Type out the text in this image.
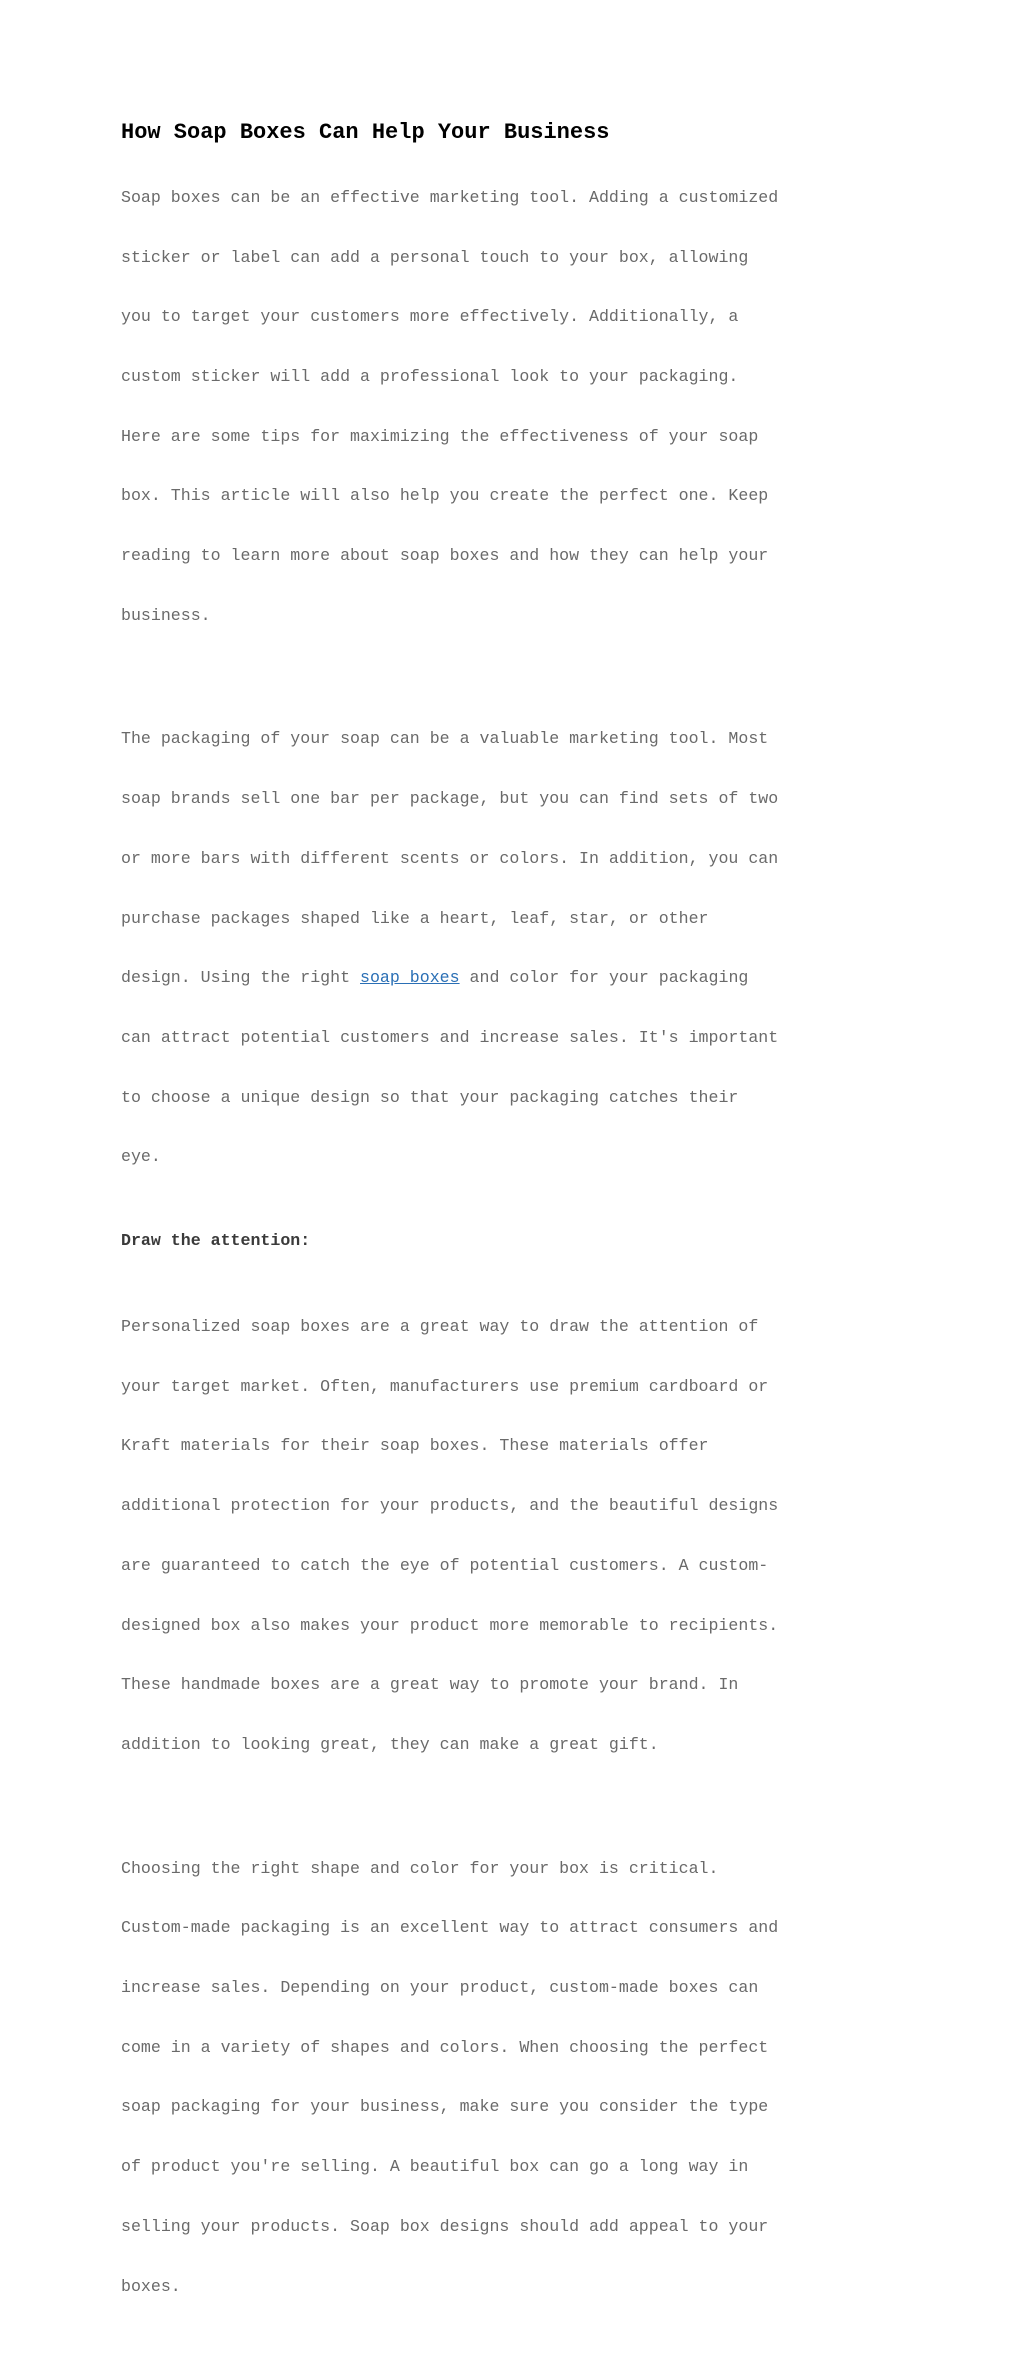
How Soap Boxes Can Help Your Business

Soap boxes can be an effective marketing tool. Adding a customized

sticker or label can add a personal touch to your box, allowing

you to target your customers more effectively. Additionally, a

custom sticker will add a professional look to your packaging.

Here are some tips for maximizing the effectiveness of your soap

box. This article will also help you create the perfect one. Keep

reading to learn more about soap boxes and how they can help your

business.

The packaging of your soap can be a valuable marketing tool. Most

soap brands sell one bar per package, but you can find sets of two

or more bars with different scents or colors. In addition, you can

purchase packages shaped like a heart, leaf, star, or other

design. Using the right soap boxes and color for your packaging

can attract potential customers and increase sales. It's important

to choose a unique design so that your packaging catches their

eye.

Draw the attention:

Personalized soap boxes are a great way to draw the attention of

your target market. Often, manufacturers use premium cardboard or

Kraft materials for their soap boxes. These materials offer

additional protection for your products, and the beautiful designs

are guaranteed to catch the eye of potential customers. A custom-

designed box also makes your product more memorable to recipients.

These handmade boxes are a great way to promote your brand. In

addition to looking great, they can make a great gift.

Choosing the right shape and color for your box is critical.

Custom-made packaging is an excellent way to attract consumers and

increase sales. Depending on your product, custom-made boxes can

come in a variety of shapes and colors. When choosing the perfect

soap packaging for your business, make sure you consider the type

of product you're selling. A beautiful box can go a long way in

selling your products. Soap box designs should add appeal to your

boxes.
